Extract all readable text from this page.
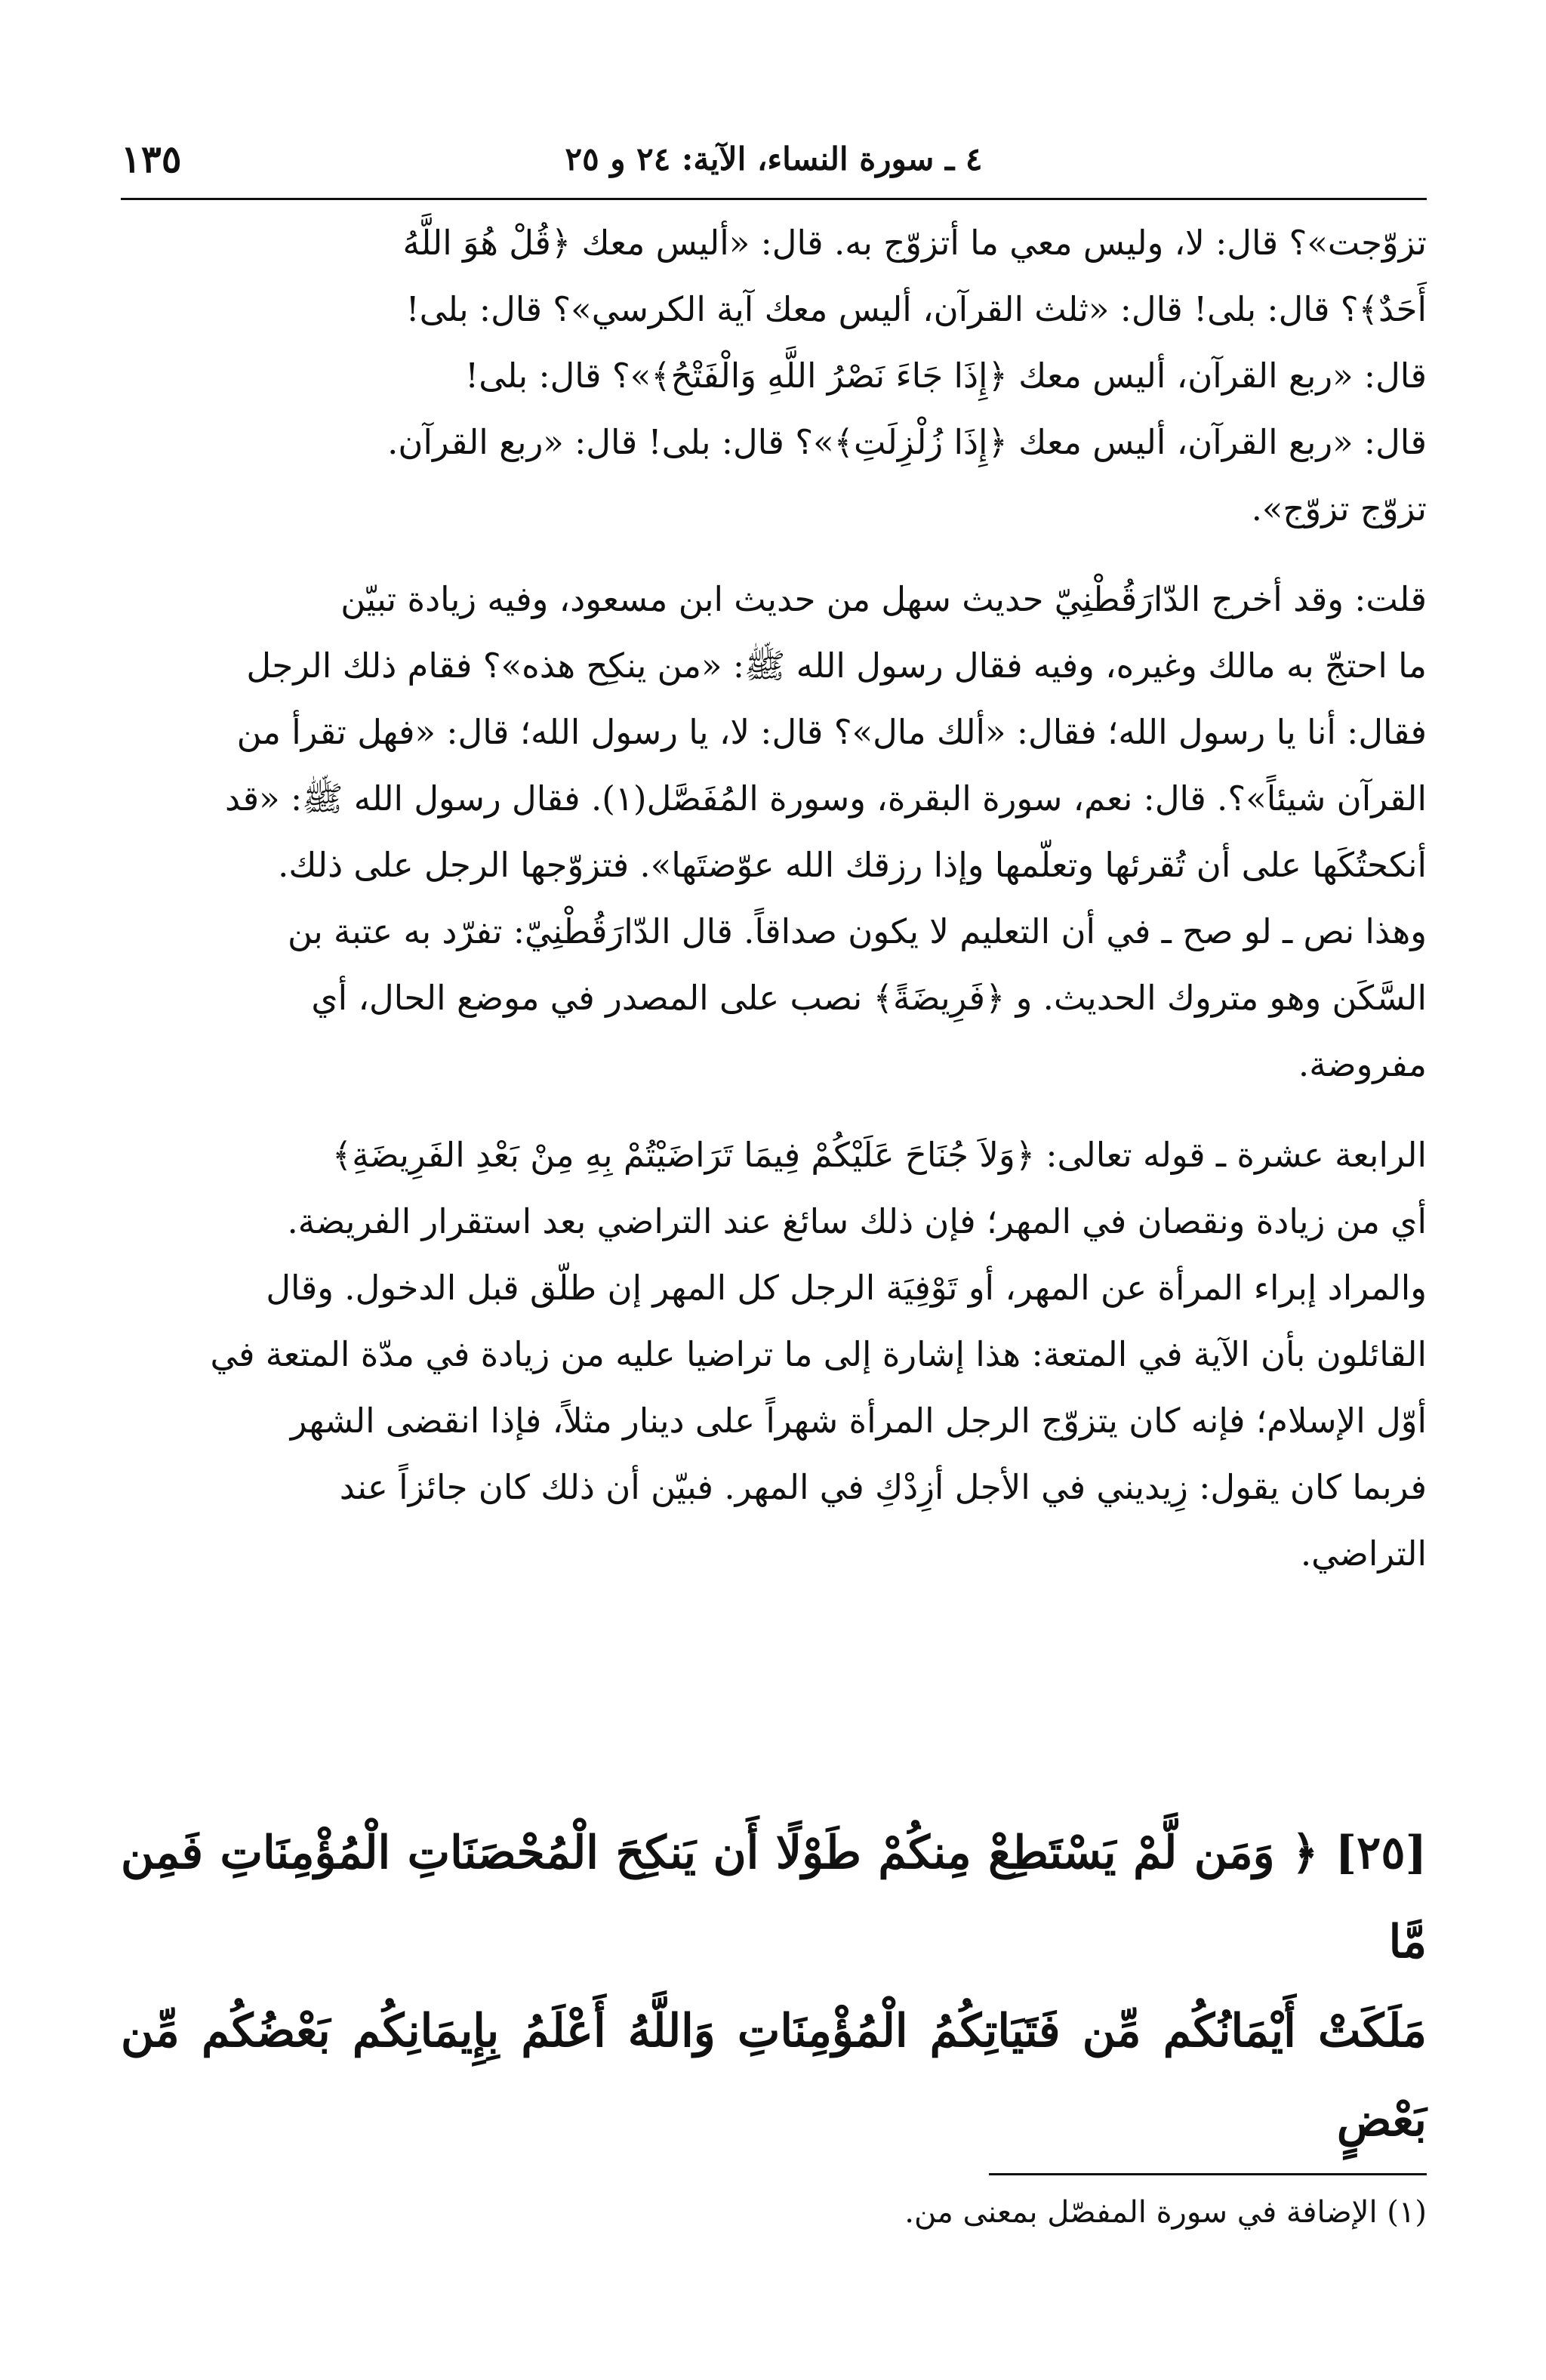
١٣٥	٤ ـ سورة النساء، الآية: ٢٤ و ٢٥

تزوّجت»؟ قال: لا، وليس معي ما أتزوّج به. قال: «أليس معك ﴿قُلْ هُوَ اللَّهُ
أَحَدٌ﴾؟ قال: بلى! قال: «ثلث القرآن، أليس معك آية الكرسي»؟ قال: بلى!
قال: «ربع القرآن، أليس معك ﴿إِذَا جَاءَ نَصْرُ اللَّهِ وَالْفَتْحُ﴾»؟ قال: بلى!
قال: «ربع القرآن، أليس معك ﴿إِذَا زُلْزِلَتِ﴾»؟ قال: بلى! قال: «ربع القرآن.
تزوّج تزوّج».

قلت: وقد أخرج الدّارَقُطْنِيّ حديث سهل من حديث ابن مسعود، وفيه زيادة تبيّن
ما احتجّ به مالك وغيره، وفيه فقال رسول الله ﷺ: «من ينكِح هذه»؟ فقام ذلك الرجل
فقال: أنا يا رسول الله؛ فقال: «ألك مال»؟ قال: لا، يا رسول الله؛ قال: «فهل تقرأ من
القرآن شيئاً»؟. قال: نعم، سورة البقرة، وسورة المُفَصَّل(١). فقال رسول الله ﷺ: «قد
أنكحتُكَها على أن تُقرئها وتعلّمها وإذا رزقك الله عوّضتَها». فتزوّجها الرجل على ذلك.
وهذا نص ـ لو صح ـ في أن التعليم لا يكون صداقاً. قال الدّارَقُطْنِيّ: تفرّد به عتبة بن
السَّكَن وهو متروك الحديث. و ﴿فَرِيضَةً﴾ نصب على المصدر في موضع الحال، أي
مفروضة.

الرابعة عشرة ـ قوله تعالى: ﴿وَلاَ جُنَاحَ عَلَيْكُمْ فِيمَا تَرَاضَيْتُمْ بِهِ مِنْ بَعْدِ الفَرِيضَةِ﴾
أي من زيادة ونقصان في المهر؛ فإن ذلك سائغ عند التراضي بعد استقرار الفريضة.
والمراد إبراء المرأة عن المهر، أو تَوْفِيَة الرجل كل المهر إن طلّق قبل الدخول. وقال
القائلون بأن الآية في المتعة: هذا إشارة إلى ما تراضيا عليه من زيادة في مدّة المتعة في
أوّل الإسلام؛ فإنه كان يتزوّج الرجل المرأة شهراً على دينار مثلاً، فإذا انقضى الشهر
فربما كان يقول: زِيديني في الأجل أزِدْكِ في المهر. فبيّن أن ذلك كان جائزاً عند
التراضي.

[٢٥] ﴿ وَمَن لَّمْ يَسْتَطِعْ مِنكُمْ طَوْلًا أَن يَنكِحَ الْمُحْصَنَاتِ الْمُؤْمِنَاتِ فَمِن مَّا
مَلَكَتْ أَيْمَانُكُم مِّن فَتَيَاتِكُمُ الْمُؤْمِنَاتِ وَاللَّهُ أَعْلَمُ بِإِيمَانِكُم بَعْضُكُم مِّن بَعْضٍ
(١) الإضافة في سورة المفصّل بمعنى من.
